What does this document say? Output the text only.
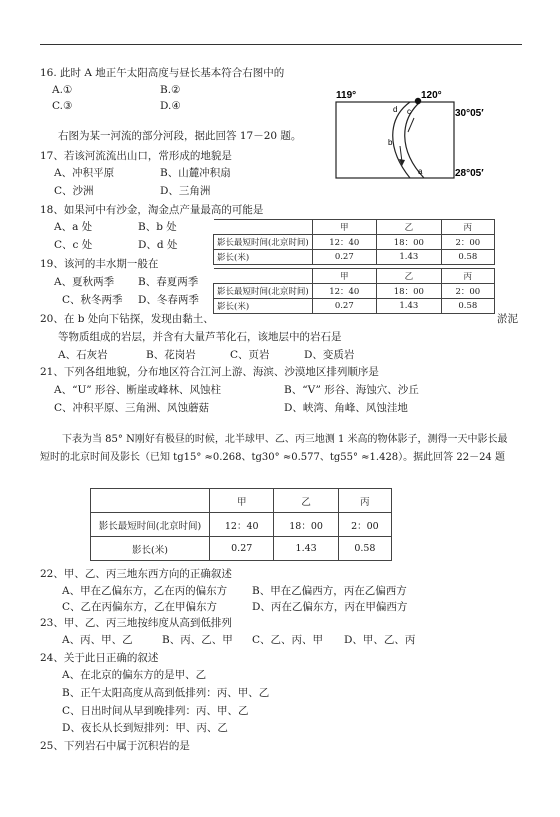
16. 此时 A 地正午太阳高度与昼长基本符合右图中的
A.①	B.②
C.③	D.④
119°	120°
30°05′
28°05′
a
b
c
d
右图为某一河流的部分河段，据此回答 17－20 题。
17、若该河流流出山口，常形成的地貌是
A、冲积平原	B、山麓冲积扇
C、沙洲	D、三角洲
18、如果河中有沙金，淘金点产量最高的可能是
A、a 处	B、b 处
C、c 处	D、d 处
	甲	乙	丙
影长最短时间(北京时间)	12：40	18：00	2：00
影长(米)	0.27	1.43	0.58
	甲	乙	丙
影长最短时间(北京时间)	12：40	18：00	2：00
影长(米)	0.27	1.43	0.58
19、该河的丰水期一般在
A、夏秋两季 B、春夏两季
C、秋冬两季 D、冬春两季
20、在 b 处向下钻探，发现由黏土、	淤泥
等物质组成的岩层，并含有大量芦苇化石，该地层中的岩石是
A、石灰岩	B、花岗岩	C、页岩	D、变质岩
21、下列各组地貌，分布地区符合江河上游、海滨、沙漠地区排列顺序是
A、“U” 形谷、断崖或峰林、风蚀柱	B、“V” 形谷、海蚀穴、沙丘
C、冲积平原、三角洲、风蚀蘑菇	D、峡湾、角峰、风蚀洼地
下表为当 85° N刚好有极昼的时候，北半球甲、乙、丙三地测 1 米高的物体影子，测得一天中影长最
短时的北京时间及影长（已知 tg15° ≈0.268、tg30° ≈0.577、tg55° ≈1.428）。据此回答 22－24 题
	甲	乙	丙
影长最短时间(北京时间)	12：40	18：00	2：00
影长(米)	0.27	1.43	0.58
22、甲、乙、丙三地东西方向的正确叙述
A、甲在乙偏东方，乙在丙的偏东方 B、甲在乙偏西方，丙在乙偏西方
C、乙在丙偏东方，乙在甲偏东方	D、丙在乙偏东方，丙在甲偏西方
23、甲、乙、丙三地按纬度从高到低排列
A、丙、甲、乙	B、丙、乙、甲 C、乙、丙、甲 D、甲、乙、丙
24、关于此日正确的叙述
A、在北京的偏东方的是甲、乙
B、正午太阳高度从高到低排列：丙、甲、乙
C、日出时间从早到晚排列：丙、甲、乙
D、夜长从长到短排列：甲、丙、乙
25、下列岩石中属于沉积岩的是
